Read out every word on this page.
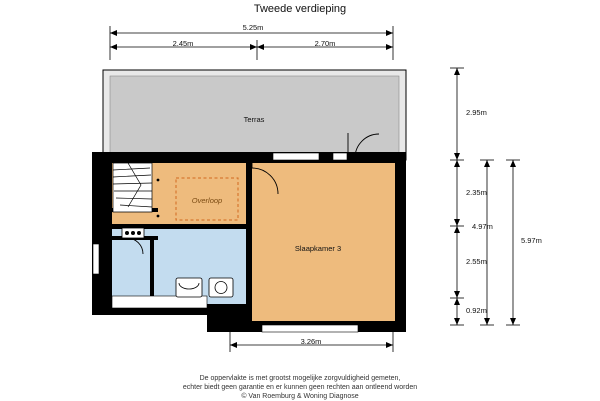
Tweede verdieping
5.25m
2.45m	2.70m
3.26m
2.95m
2.35m
2.55m
0.92m
4.97m
5.97m
Terras
Overloop
Slaapkamer 3
De oppervlakte is met grootst mogelijke zorgvuldigheid gemeten,
echter biedt geen garantie en er kunnen geen rechten aan ontleend worden
© Van Roemburg & Woning Diagnose
